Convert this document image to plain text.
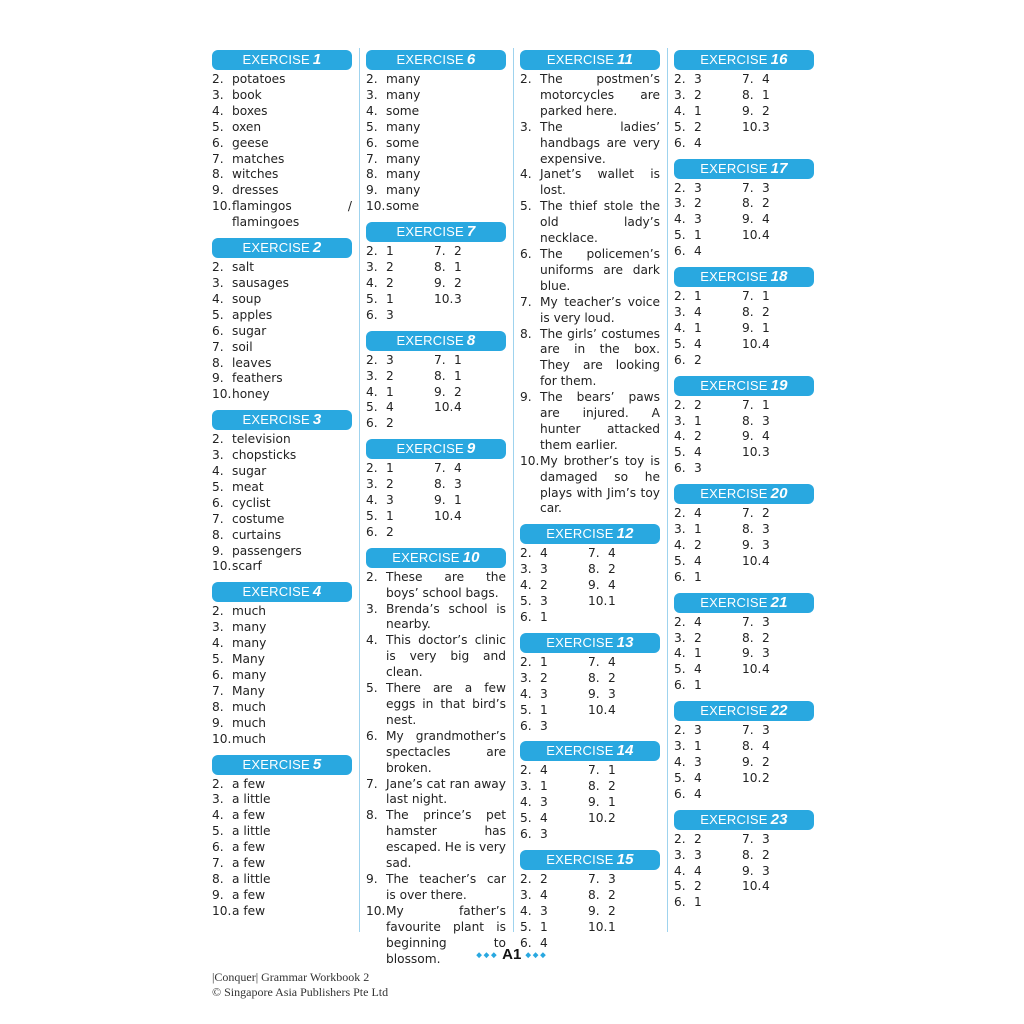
EXERCISE 1
2. potatoes
3. book
4. boxes
5. oxen
6. geese
7. matches
8. witches
9. dresses
10. flamingos / flamingoes
EXERCISE 2
2. salt
3. sausages
4. soup
5. apples
6. sugar
7. soil
8. leaves
9. feathers
10. honey
EXERCISE 3
2. television
3. chopsticks
4. sugar
5. meat
6. cyclist
7. costume
8. curtains
9. passengers
10. scarf
EXERCISE 4
2. much
3. many
4. many
5. Many
6. many
7. Many
8. much
9. much
10. much
EXERCISE 5
2. a few
3. a little
4. a few
5. a little
6. a few
7. a few
8. a little
9. a few
10. a few
EXERCISE 6
2. many
3. many
4. some
5. many
6. some
7. many
8. many
9. many
10. some
EXERCISE 7
2. 1	7. 2
3. 2	8. 1
4. 2	9. 2
5. 1	10. 3
6. 3
EXERCISE 8
2. 3	7. 1
3. 2	8. 1
4. 1	9. 2
5. 4	10. 4
6. 2
EXERCISE 9
2. 1	7. 4
3. 2	8. 3
4. 3	9. 1
5. 1	10. 4
6. 2
EXERCISE 10
2. These are the boys’ school bags.
3. Brenda’s school is nearby.
4. This doctor’s clinic is very big and clean.
5. There are a few eggs in that bird’s nest.
6. My grandmother’s spectacles are broken.
7. Jane’s cat ran away last night.
8. The prince’s pet hamster has escaped. He is very sad.
9. The teacher’s car is over there.
10. My father’s favourite plant is beginning to blossom.
EXERCISE 11
2. The postmen’s motorcycles are parked here.
3. The ladies’ handbags are very expensive.
4. Janet’s wallet is lost.
5. The thief stole the old lady’s necklace.
6. The policemen’s uniforms are dark blue.
7. My teacher’s voice is very loud.
8. The girls’ costumes are in the box. They are looking for them.
9. The bears’ paws are injured. A hunter attacked them earlier.
10. My brother’s toy is damaged so he plays with Jim’s toy car.
EXERCISE 12
2. 4	7. 4
3. 3	8. 2
4. 2	9. 4
5. 3	10. 1
6. 1
EXERCISE 13
2. 1	7. 4
3. 2	8. 2
4. 3	9. 3
5. 1	10. 4
6. 3
EXERCISE 14
2. 4	7. 1
3. 1	8. 2
4. 3	9. 1
5. 4	10. 2
6. 3
EXERCISE 15
2. 2	7. 3
3. 4	8. 2
4. 3	9. 2
5. 1	10. 1
6. 4
EXERCISE 16
2. 3	7. 4
3. 2	8. 1
4. 1	9. 2
5. 2	10. 3
6. 4
EXERCISE 17
2. 3	7. 3
3. 2	8. 2
4. 3	9. 4
5. 1	10. 4
6. 4
EXERCISE 18
2. 1	7. 1
3. 4	8. 2
4. 1	9. 1
5. 4	10. 4
6. 2
EXERCISE 19
2. 2	7. 1
3. 1	8. 3
4. 2	9. 4
5. 4	10. 3
6. 3
EXERCISE 20
2. 4	7. 2
3. 1	8. 3
4. 2	9. 3
5. 4	10. 4
6. 1
EXERCISE 21
2. 4	7. 3
3. 2	8. 2
4. 1	9. 3
5. 4	10. 4
6. 1
EXERCISE 22
2. 3	7. 3
3. 1	8. 4
4. 3	9. 2
5. 4	10. 2
6. 4
EXERCISE 23
2. 2	7. 3
3. 3	8. 2
4. 4	9. 3
5. 2	10. 4
6. 1
◆◆◆ A1 ◆◆◆
|Conquer| Grammar Workbook 2
© Singapore Asia Publishers Pte Ltd
